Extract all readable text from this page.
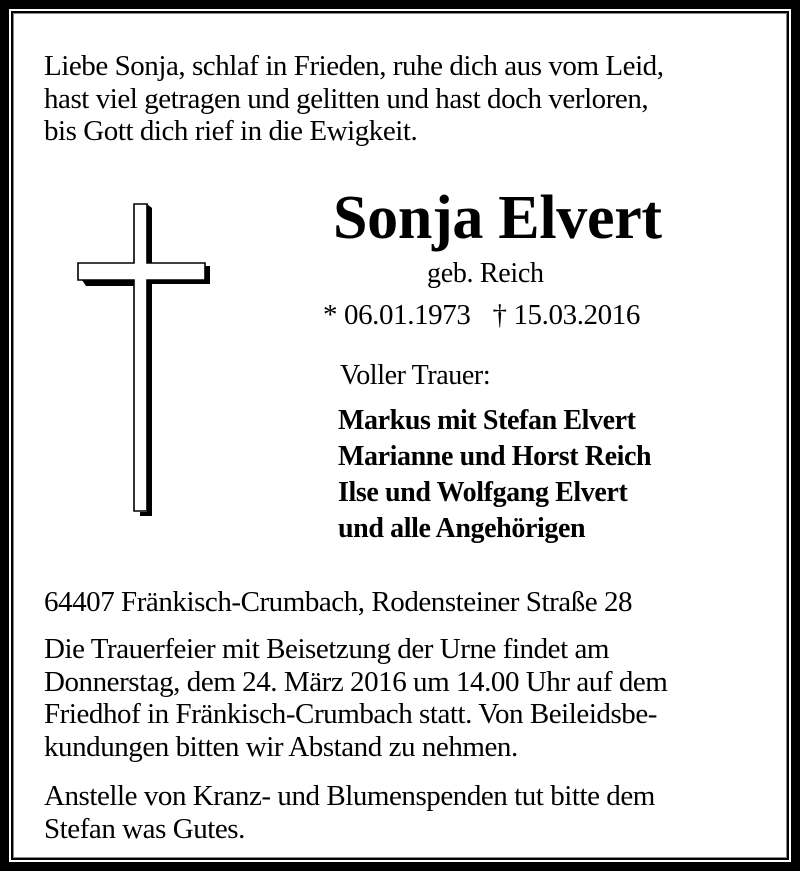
Liebe Sonja, schlaf in Frieden, ruhe dich aus vom Leid,
hast viel getragen und gelitten und hast doch verloren,
bis Gott dich rief in die Ewigkeit.
Sonja Elvert
geb. Reich
* 06.01.1973 † 15.03.2016
Voller Trauer:
Markus mit Stefan Elvert
Marianne und Horst Reich
Ilse und Wolfgang Elvert
und alle Angehörigen
64407 Fränkisch-Crumbach, Rodensteiner Straße 28
Die Trauerfeier mit Beisetzung der Urne findet am
Donnerstag, dem 24. März 2016 um 14.00 Uhr auf dem
Friedhof in Fränkisch-Crumbach statt. Von Beileidsbe-
kundungen bitten wir Abstand zu nehmen.
Anstelle von Kranz- und Blumenspenden tut bitte dem
Stefan was Gutes.
